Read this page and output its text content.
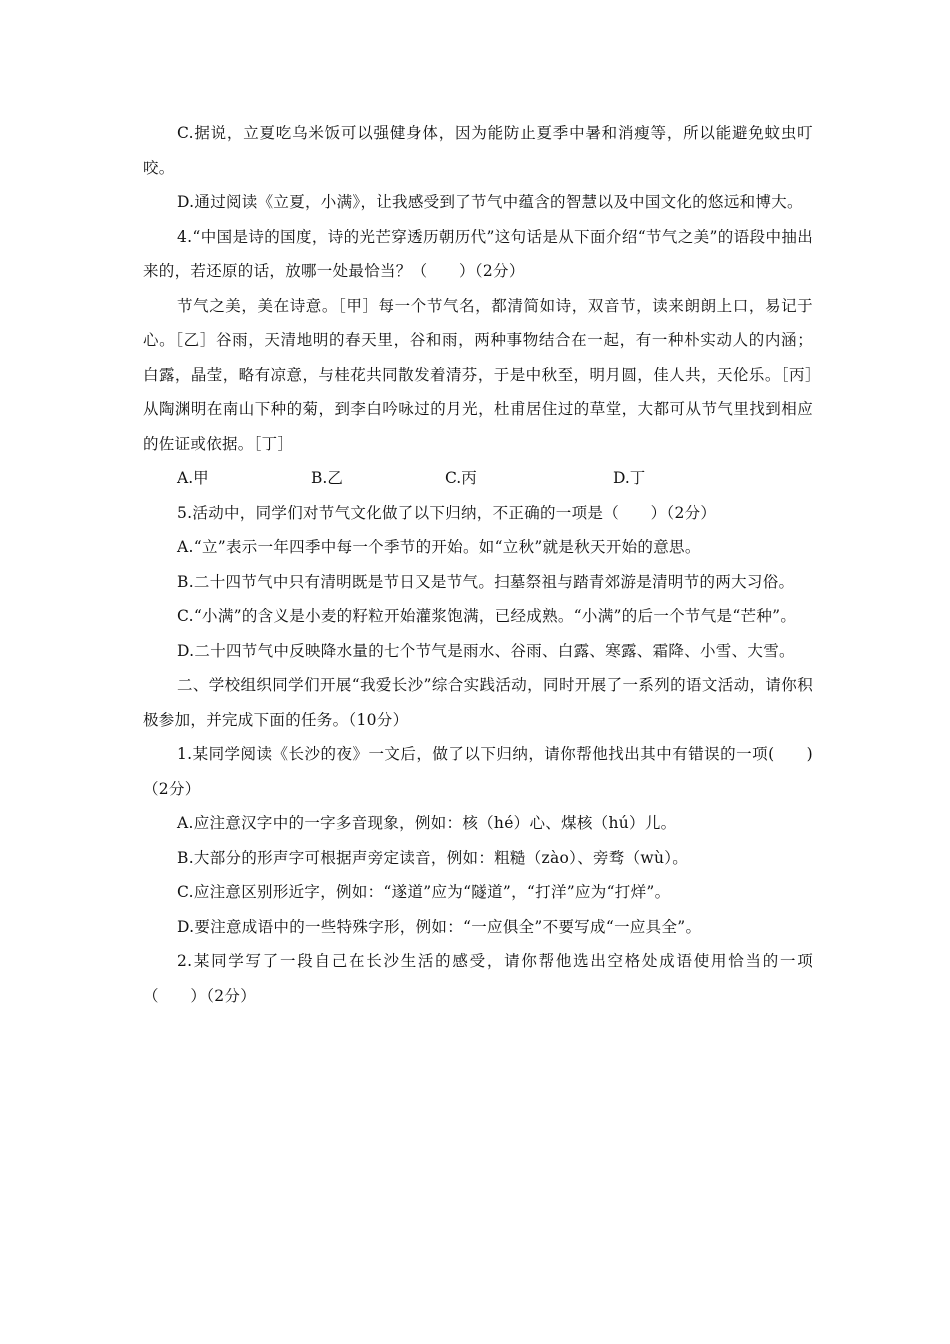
C.据说，立夏吃乌米饭可以强健身体，因为能防止夏季中暑和消瘦等，所以能避免蚊虫叮咬。

D.通过阅读《立夏，小满》，让我感受到了节气中蕴含的智慧以及中国文化的悠远和博大。

4.“中国是诗的国度，诗的光芒穿透历朝历代”这句话是从下面介绍“节气之美”的语段中抽出来的，若还原的话，放哪一处最恰当？（　　）（2分）

节气之美，美在诗意。［甲］每一个节气名，都清简如诗，双音节，读来朗朗上口，易记于心。［乙］谷雨，天清地明的春天里，谷和雨，两种事物结合在一起，有一种朴实动人的内涵；白露，晶莹，略有凉意，与桂花共同散发着清芬，于是中秋至，明月圆，佳人共，天伦乐。［丙］从陶渊明在南山下种的菊，到李白吟咏过的月光，杜甫居住过的草堂，大都可从节气里找到相应的佐证或依据。［丁］

A.甲	B.乙	C.丙	D.丁

5.活动中，同学们对节气文化做了以下归纳，不正确的一项是（　　）（2分）

A.“立”表示一年四季中每一个季节的开始。如“立秋”就是秋天开始的意思。

B.二十四节气中只有清明既是节日又是节气。扫墓祭祖与踏青郊游是清明节的两大习俗。

C.“小满”的含义是小麦的籽粒开始灌浆饱满，已经成熟。“小满”的后一个节气是“芒种”。

D.二十四节气中反映降水量的七个节气是雨水、谷雨、白露、寒露、霜降、小雪、大雪。

二、学校组织同学们开展“我爱长沙”综合实践活动，同时开展了一系列的语文活动，请你积极参加，并完成下面的任务。（10分）

1.某同学阅读《长沙的夜》一文后，做了以下归纳，请你帮他找出其中有错误的一项(　　)（2分）

A.应注意汉字中的一字多音现象，例如：核（hé）心、煤核（hú）儿。

B.大部分的形声字可根据声旁定读音，例如：粗糙（zào）、旁骛（wù）。

C.应注意区别形近字，例如：“遂道”应为“隧道”，“打洋”应为“打烊”。

D.要注意成语中的一些特殊字形，例如：“一应俱全”不要写成“一应具全”。

2.某同学写了一段自己在长沙生活的感受，请你帮他选出空格处成语使用恰当的一项（　　）（2分）
